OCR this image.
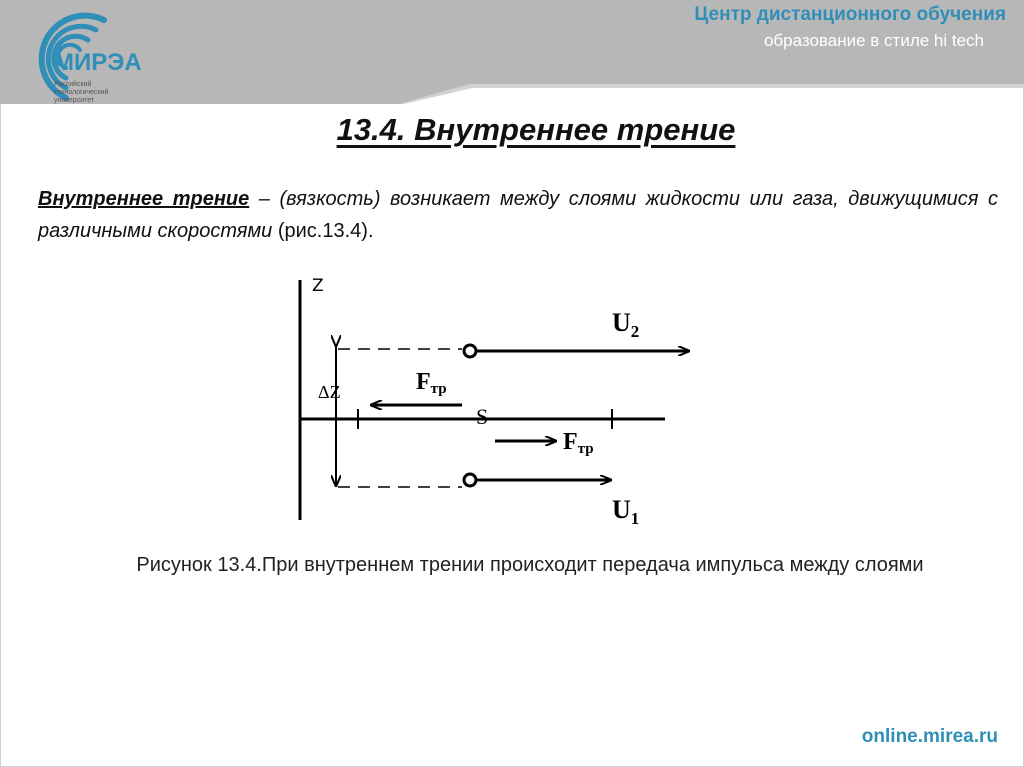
МИРЭА
Российский
технологический
университет
Центр дистанционного обучения
образование в стиле hi tech
13.4. Внутреннее трение
Внутреннее трение – (вязкость) возникает между слоями жидкости или газа, движущимися с различными скоростями (рис.13.4).
Z
S
ΔZ
$U_2$
$U_1$
Fтр
Fтр
Рисунок 13.4.При внутреннем трении происходит передача импульса между слоями
online.mirea.ru
